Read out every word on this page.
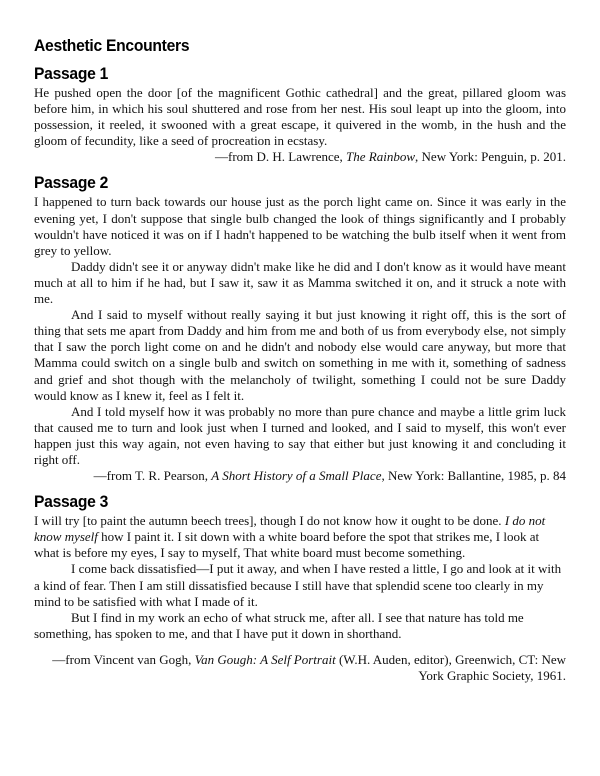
Aesthetic Encounters
Passage 1

He pushed open the door [of the magnificent Gothic cathedral] and the great, pillared gloom was before him, in which his soul shuttered and rose from her nest. His soul leapt up into the gloom, into possession, it reeled, it swooned with a great escape, it quivered in the womb, in the hush and the gloom of fecundity, like a seed of procreation in ecstasy.

—from D. H. Lawrence, The Rainbow, New York: Penguin, p. 201.

Passage 2

I happened to turn back towards our house just as the porch light came on. Since it was early in the evening yet, I don't suppose that single bulb changed the look of things significantly and I probably wouldn't have noticed it was on if I hadn't happened to be watching the bulb itself when it went from grey to yellow.

Daddy didn't see it or anyway didn't make like he did and I don't know as it would have meant much at all to him if he had, but I saw it, saw it as Mamma switched it on, and it struck a note with me.

And I said to myself without really saying it but just knowing it right off, this is the sort of thing that sets me apart from Daddy and him from me and both of us from everybody else, not simply that I saw the porch light come on and he didn't and nobody else would care anyway, but more that Mamma could switch on a single bulb and switch on something in me with it, something of sadness and grief and shot though with the melancholy of twilight, something I could not be sure Daddy would know as I knew it, feel as I felt it.

And I told myself how it was probably no more than pure chance and maybe a little grim luck that caused me to turn and look just when I turned and looked, and I said to myself, this won't ever happen just this way again, not even having to say that either but just knowing it and concluding it right off.

—from T. R. Pearson, A Short History of a Small Place, New York: Ballantine, 1985, p. 84

Passage 3

I will try [to paint the autumn beech trees], though I do not know how it ought to be done. I do not know myself how I paint it. I sit down with a white board before the spot that strikes me, I look at what is before my eyes, I say to myself, That white board must become something.

I come back dissatisfied—I put it away, and when I have rested a little, I go and look at it with a kind of fear. Then I am still dissatisfied because I still have that splendid scene too clearly in my mind to be satisfied with what I made of it.

But I find in my work an echo of what struck me, after all. I see that nature has told me something, has spoken to me, and that I have put it down in shorthand.

—from Vincent van Gogh, Van Gough: A Self Portrait (W.H. Auden, editor), Greenwich, CT: New York Graphic Society, 1961.
